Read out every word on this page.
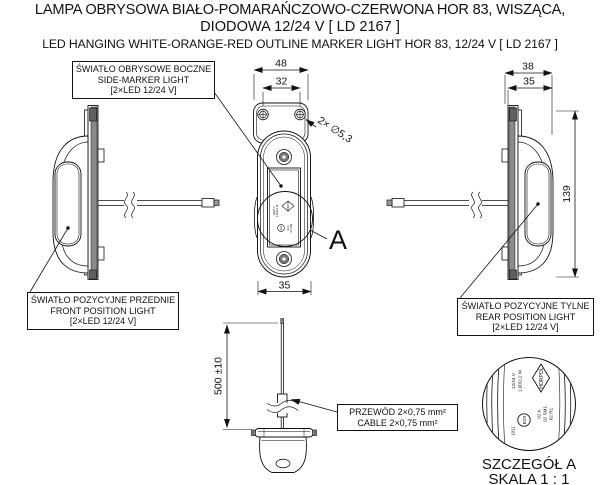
38
35
139
HORPOL
12/24 V 1,00/2,2 W
E20	02 A 02 SM1 A
2× ∅5,3
48
32
35
500 ±10	12/24 V 1,00/2,2 W	HORPOL
E20
1011
02 A 02 SM1 02 R1
SZCZEGÓŁ A
SKALA 1 : 1
LAMPA OBRYSOWA BIAŁO-POMARAŃCZOWO-CZERWONA HOR 83, WISZĄCA,
DIODOWA 12/24 V [ LD 2167 ]
LED HANGING WHITE-ORANGE-RED OUTLINE MARKER LIGHT HOR 83, 12/24 V [ LD 2167 ]
ŚWIATŁO OBRYSOWE BOCZNE
SIDE-MARKER LIGHT
[2×LED 12/24 V]
ŚWIATŁO POZYCYJNE PRZEDNIE
FRONT POSITION LIGHT
[2×LED 12/24 V]
ŚWIATŁO POZYCYJNE TYLNE
REAR POSITION LIGHT
[2×LED 12/24 V]
PRZEWÓD 2×0,75 mm²
CABLE 2×0,75 mm²
